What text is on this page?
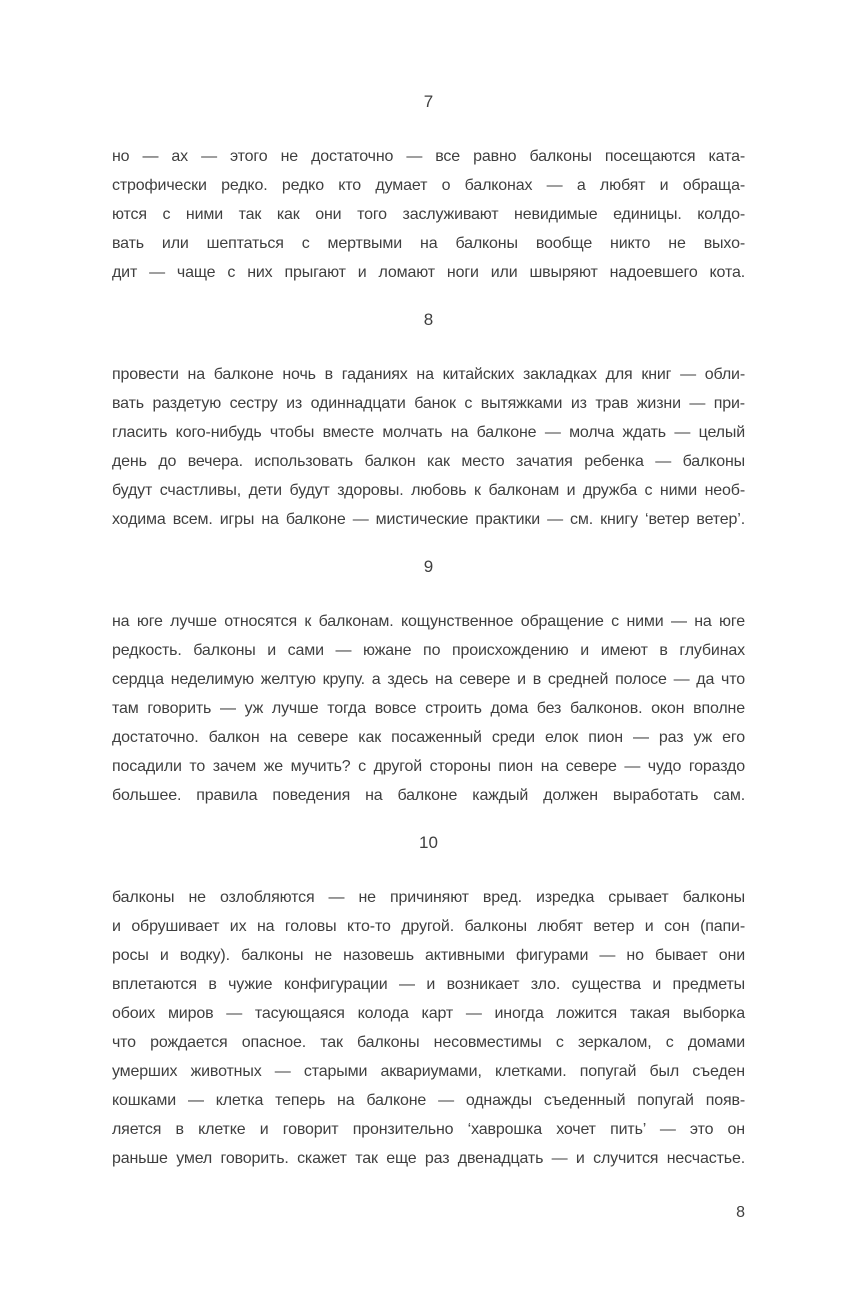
7
но — ах — этого не достаточно — все равно балконы посещаются ката-
строфически редко. редко кто думает о балконах — а любят и обраща-
ются с ними так как они того заслуживают невидимые единицы. колдо-
вать или шептаться с мертвыми на балконы вообще никто не выхо-
дит — чаще с них прыгают и ломают ноги или швыряют надоевшего кота.
8
провести на балконе ночь в гаданиях на китайских закладках для книг — обли-
вать раздетую сестру из одиннадцати банок с вытяжками из трав жизни — при-
гласить кого-нибудь чтобы вместе молчать на балконе — молча ждать — целый
день до вечера. использовать балкон как место зачатия ребенка — балконы
будут счастливы, дети будут здоровы. любовь к балконам и дружба с ними необ-
ходима всем. игры на балконе — мистические практики — см. книгу ‘ветер ветер’.
9
на юге лучше относятся к балконам. кощунственное обращение с ними — на юге
редкость. балконы и сами — южане по происхождению и имеют в глубинах
сердца неделимую желтую крупу. а здесь на севере и в средней полосе — да что
там говорить — уж лучше тогда вовсе строить дома без балконов. окон вполне
достаточно. балкон на севере как посаженный среди елок пион — раз уж его
посадили то зачем же мучить? с другой стороны пион на севере — чудо гораздо
большее. правила поведения на балконе каждый должен выработать сам.
10
балконы не озлобляются — не причиняют вред. изредка срывает балконы
и обрушивает их на головы кто-то другой. балконы любят ветер и сон (папи-
росы и водку). балконы не назовешь активными фигурами — но бывает они
вплетаются в чужие конфигурации — и возникает зло. существа и предметы
обоих миров — тасующаяся колода карт — иногда ложится такая выборка
что рождается опасное. так балконы несовместимы с зеркалом, с домами
умерших животных — старыми аквариумами, клетками. попугай был съеден
кошками — клетка теперь на балконе — однажды съеденный попугай появ-
ляется в клетке и говорит пронзительно ‘хаврошка хочет пить’ — это он
раньше умел говорить. скажет так еще раз двенадцать — и случится несчастье.
8
